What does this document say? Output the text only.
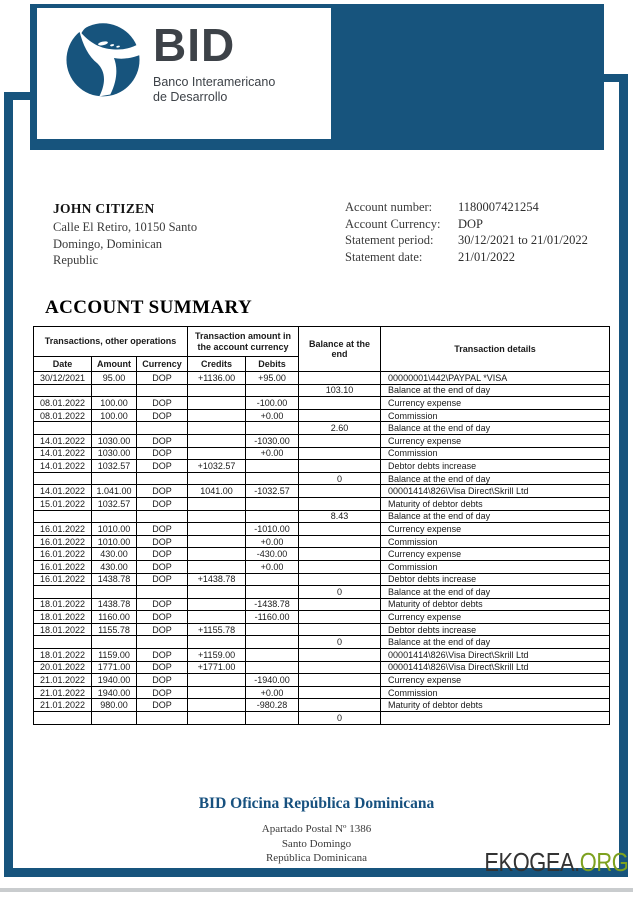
BID
Banco Interamericano
de Desarrollo
JOHN CITIZEN
Calle El Retiro, 10150 Santo
Domingo, Dominican
Republic
Account number:	1180007421254
Account Currency:	DOP
Statement period:	30/12/2021 to 21/01/2022
Statement date:	21/01/2022
ACCOUNT SUMMARY
Transactions, other operations			Transaction amount in the account currency		Balance at the end	Transaction details
Date	Amount	Currency	Credits	Debits		
30/12/2021	95.00	DOP	+1136.00	+95.00		00000001\442\PAYPAL *VISA
					103.10	Balance at the end of day
08.01.2022	100.00	DOP		-100.00		Currency expense
08.01.2022	100.00	DOP		+0.00		Commission
					2.60	Balance at the end of day
14.01.2022	1030.00	DOP		-1030.00		Currency expense
14.01.2022	1030.00	DOP		+0.00		Commission
14.01.2022	1032.57	DOP	+1032.57			Debtor debts increase
					0	Balance at the end of day
14.01.2022	1.041.00	DOP	1041.00	-1032.57		00001414\826\Visa Direct\Skrill Ltd
15.01.2022	1032.57	DOP				Maturity of debtor debts
					8.43	Balance at the end of day
16.01.2022	1010.00	DOP		-1010.00		Currency expense
16.01.2022	1010.00	DOP		+0.00		Commission
16.01.2022	430.00	DOP		-430.00		Currency expense
16.01.2022	430.00	DOP		+0.00		Commission
16.01.2022	1438.78	DOP	+1438.78			Debtor debts increase
					0	Balance at the end of day
18.01.2022	1438.78	DOP		-1438.78		Maturity of debtor debts
18.01.2022	1160.00	DOP		-1160.00		Currency expense
18.01.2022	1155.78	DOP	+1155.78			Debtor debts increase
					0	Balance at the end of day
18.01.2022	1159.00	DOP	+1159.00			00001414\826\Visa Direct\Skrill Ltd
20.01.2022	1771.00	DOP	+1771.00			00001414\826\Visa Direct\Skrill Ltd
21.01.2022	1940.00	DOP		-1940.00		Currency expense
21.01.2022	1940.00	DOP		+0.00		Commission
21.01.2022	980.00	DOP		-980.28		Maturity of debtor debts
					0	
BID Oficina República Dominicana
Apartado Postal Nº 1386
Santo Domingo
República Dominicana	EKOGEA.ORG
